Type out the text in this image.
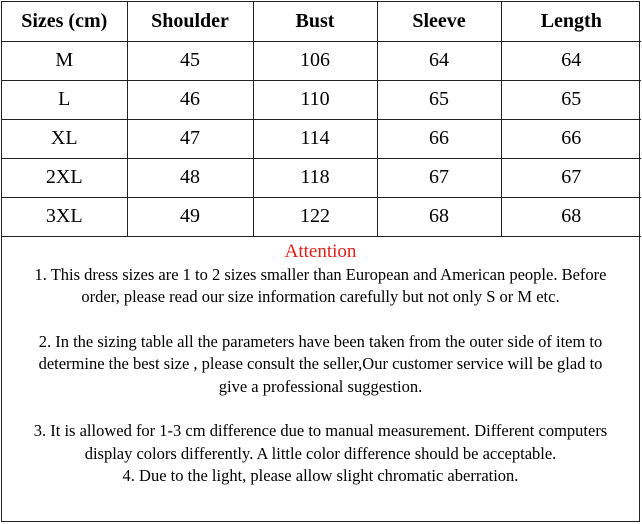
Sizes (cm)	Shoulder	Bust	Sleeve	Length
M	45	106	64	64
L	46	110	65	65
XL	47	114	66	66
2XL	48	118	67	67
3XL	49	122	68	68
Attention

1. This dress sizes are 1 to 2 sizes smaller than European and American people. Before

order, please read our size information carefully but not only S or M etc.

2. In the sizing table all the parameters have been taken from the outer side of item to

determine the best size , please consult the seller,Our customer service will be glad to

give a professional suggestion.

3. It is allowed for 1-3 cm difference due to manual measurement. Different computers

display colors differently. A little color difference should be acceptable.

4. Due to the light, please allow slight chromatic aberration.
